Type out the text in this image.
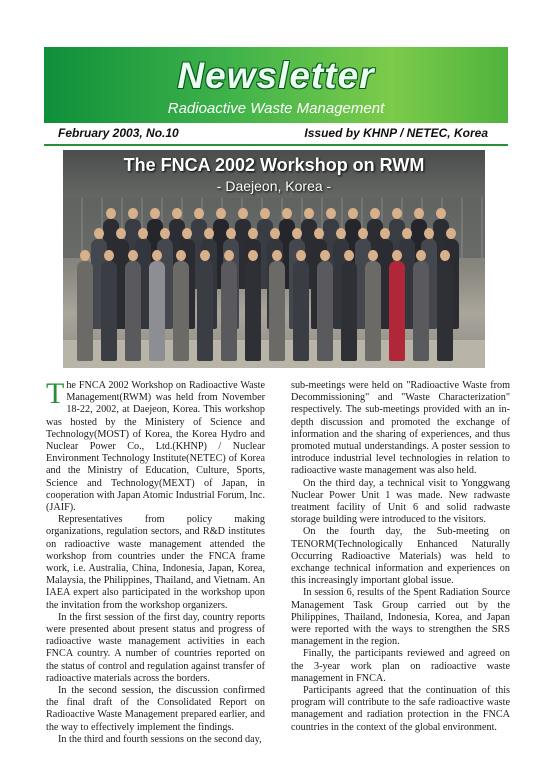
Newsletter
Radioactive Waste Management
February 2003, No.10	Issued by KHNP / NETEC, Korea
The FNCA 2002 Workshop on RWM
- Daejeon, Korea -

The FNCA 2002 Workshop on Radioactive Waste Management(RWM) was held from November 18-22, 2002, at Daejeon, Korea. This workshop was hosted by the Ministery of Science and Technology(MOST) of Korea, the Korea Hydro and Nuclear Power Co., Ltd.(KHNP) / Nuclear Environment Technology Institute(NETEC) of Korea and the Ministry of Education, Culture, Sports, Science and Technology(MEXT) of Japan, in cooperation with Japan Atomic Industrial Forum, Inc.(JAIF).

Representatives from policy making organizations, regulation sectors, and R&D institutes on radioactive waste management attended the workshop from countries under the FNCA frame work, i.e. Australia, China, Indonesia, Japan, Korea, Malaysia, the Philippines, Thailand, and Vietnam. An IAEA expert also participated in the workshop upon the invitation from the workshop organizers.

In the first session of the first day, country reports were presented about present status and progress of radioactive waste management activities in each FNCA country. A number of countries reported on the status of control and regulation against transfer of radioactive materials across the borders.

In the second session, the discussion confirmed the final draft of the Consolidated Report on Radioactive Waste Management prepared earlier, and the way to effectively implement the findings.

In the third and fourth sessions on the second day,

sub-meetings were held on "Radioactive Waste from Decommissioning" and "Waste Characterization" respectively. The sub-meetings provided with an in-depth discussion and promoted the exchange of information and the sharing of experiences, and thus promoted mutual understandings. A poster session to introduce industrial level technologies in relation to radioactive waste management was also held.

On the third day, a technical visit to Yonggwang Nuclear Power Unit 1 was made. New radwaste treatment facility of Unit 6 and solid radwaste storage building were introduced to the visitors.

On the fourth day, the Sub-meeting on TENORM(Technologically Enhanced Naturally Occurring Radioactive Materials) was held to exchange technical information and experiences on this increasingly important global issue.

In session 6, results of the Spent Radiation Source Management Task Group carried out by the Philippines, Thailand, Indonesia, Korea, and Japan were reported with the ways to strengthen the SRS management in the region.

Finally, the participants reviewed and agreed on the 3-year work plan on radioactive waste management in FNCA.

Participants agreed that the continuation of this program will contribute to the safe radioactive waste management and radiation protection in the FNCA countries in the context of the global environment.
